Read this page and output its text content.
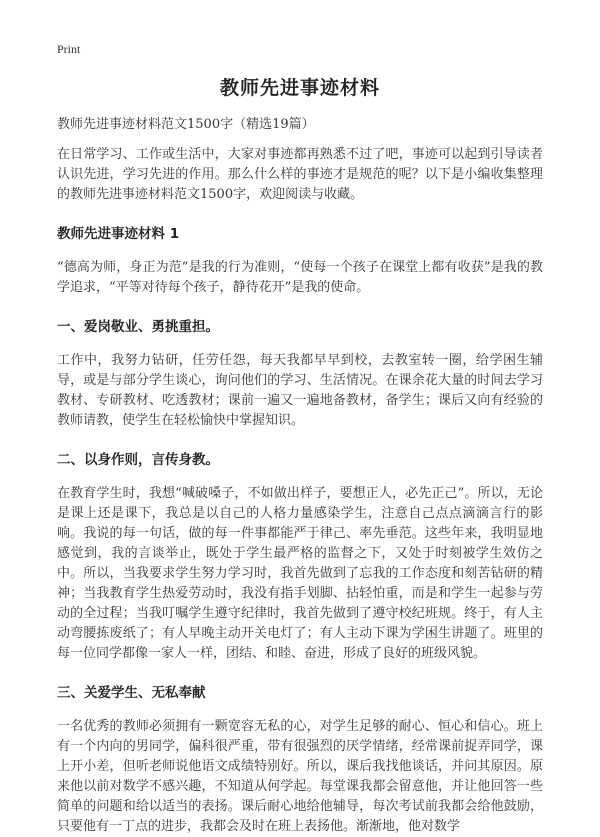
Print
教师先进事迹材料
教师先进事迹材料范文1500字（精选19篇）

在日常学习、工作或生活中，大家对事迹都再熟悉不过了吧，事迹可以起到引导读者认识先进，学习先进的作用。那么什么样的事迹才是规范的呢？以下是小编收集整理的教师先进事迹材料范文1500字，欢迎阅读与收藏。

教师先进事迹材料 1

“德高为师，身正为范”是我的行为准则，“使每一个孩子在课堂上都有收获”是我的教学追求，“平等对待每个孩子，静待花开”是我的使命。

一、爱岗敬业、勇挑重担。

工作中，我努力钻研，任劳任怨，每天我都早早到校，去教室转一圈，给学困生辅导，或是与部分学生谈心，询问他们的学习、生活情况。在课余花大量的时间去学习教材、专研教材、吃透教材；课前一遍又一遍地备教材，备学生；课后又向有经验的教师请教，使学生在轻松愉快中掌握知识。

二、以身作则，言传身教。

在教育学生时，我想“喊破嗓子，不如做出样子，要想正人，必先正己”。所以，无论是课上还是课下，我总是以自己的人格力量感染学生，注意自己点点滴滴言行的影响。我说的每一句话，做的每一件事都能严于律己、率先垂范。这些年来，我明显地感觉到，我的言谈举止，既处于学生最严格的监督之下，又处于时刻被学生效仿之中。所以，当我要求学生努力学习时，我首先做到了忘我的工作态度和刻苦钻研的精神；当我教育学生热爱劳动时，我没有指手划脚、拈轻怕重，而是和学生一起参与劳动的全过程；当我叮嘱学生遵守纪律时，我首先做到了遵守校纪班规。终于，有人主动弯腰拣废纸了；有人早晚主动开关电灯了；有人主动下课为学困生讲题了。班里的每一位同学都像一家人一样，团结、和睦、奋进，形成了良好的班级风貌。

三、关爱学生、无私奉献

一名优秀的教师必须拥有一颗宽容无私的心，对学生足够的耐心、恒心和信心。班上有一个内向的男同学，偏科很严重，带有很强烈的厌学情绪，经常课前捉弄同学，课上开小差，但听老师说他语文成绩特别好。所以，课后我找他谈话，并问其原因。原来他以前对数学不感兴趣，不知道从何学起。每堂课我都会留意他，并让他回答一些简单的问题和给以适当的表扬。课后耐心地给他辅导，每次考试前我都会给他鼓励，只要他有一丁点的进步，我都会及时在班上表扬他。渐渐地，他对数学
